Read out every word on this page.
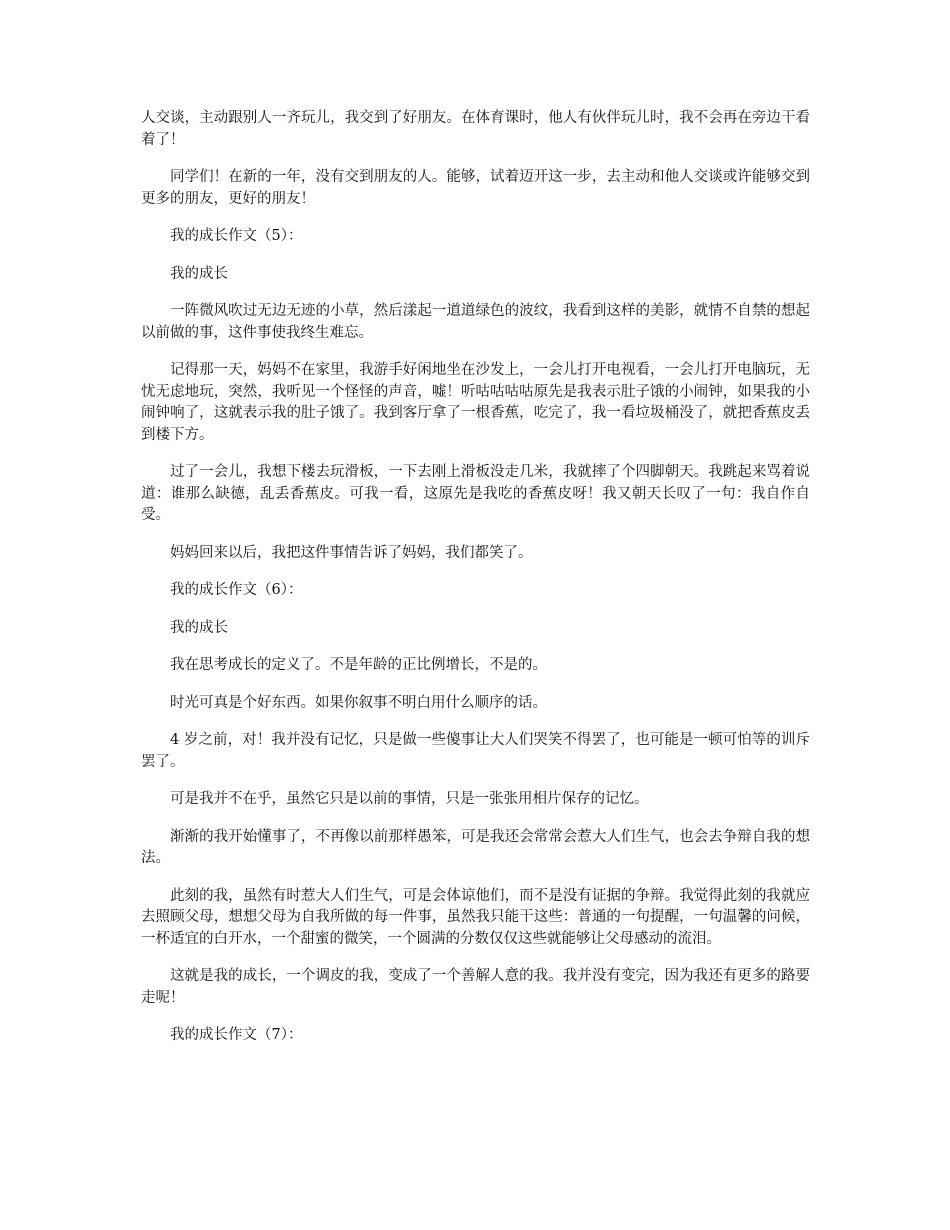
人交谈，主动跟别人一齐玩儿，我交到了好朋友。在体育课时，他人有伙伴玩儿时，我不会再在旁边干看着了！

同学们！在新的一年，没有交到朋友的人。能够，试着迈开这一步，去主动和他人交谈或许能够交到更多的朋友，更好的朋友！

我的成长作文（5）：

我的成长

一阵微风吹过无边无迹的小草，然后漾起一道道绿色的波纹，我看到这样的美影，就情不自禁的想起以前做的事，这件事使我终生难忘。

记得那一天，妈妈不在家里，我游手好闲地坐在沙发上，一会儿打开电视看，一会儿打开电脑玩，无忧无虑地玩，突然，我听见一个怪怪的声音，嘘！听咕咕咕咕原先是我表示肚子饿的小闹钟，如果我的小闹钟响了，这就表示我的肚子饿了。我到客厅拿了一根香蕉，吃完了，我一看垃圾桶没了，就把香蕉皮丢到楼下方。

过了一会儿，我想下楼去玩滑板，一下去刚上滑板没走几米，我就摔了个四脚朝天。我跳起来骂着说道：谁那么缺德，乱丢香蕉皮。可我一看，这原先是我吃的香蕉皮呀！我又朝天长叹了一句：我自作自受。

妈妈回来以后，我把这件事情告诉了妈妈，我们都笑了。

我的成长作文（6）：

我的成长

我在思考成长的定义了。不是年龄的正比例增长，不是的。

时光可真是个好东西。如果你叙事不明白用什么顺序的话。

4 岁之前，对！我并没有记忆，只是做一些傻事让大人们哭笑不得罢了，也可能是一顿可怕等的训斥罢了。

可是我并不在乎，虽然它只是以前的事情，只是一张张用相片保存的记忆。

渐渐的我开始懂事了，不再像以前那样愚笨，可是我还会常常会惹大人们生气，也会去争辩自我的想法。

此刻的我，虽然有时惹大人们生气，可是会体谅他们，而不是没有证据的争辩。我觉得此刻的我就应去照顾父母，想想父母为自我所做的每一件事，虽然我只能干这些：普通的一句提醒，一句温馨的问候，一杯适宜的白开水，一个甜蜜的微笑，一个圆满的分数仅仅这些就能够让父母感动的流泪。

这就是我的成长，一个调皮的我，变成了一个善解人意的我。我并没有变完，因为我还有更多的路要走呢！

我的成长作文（7）：
